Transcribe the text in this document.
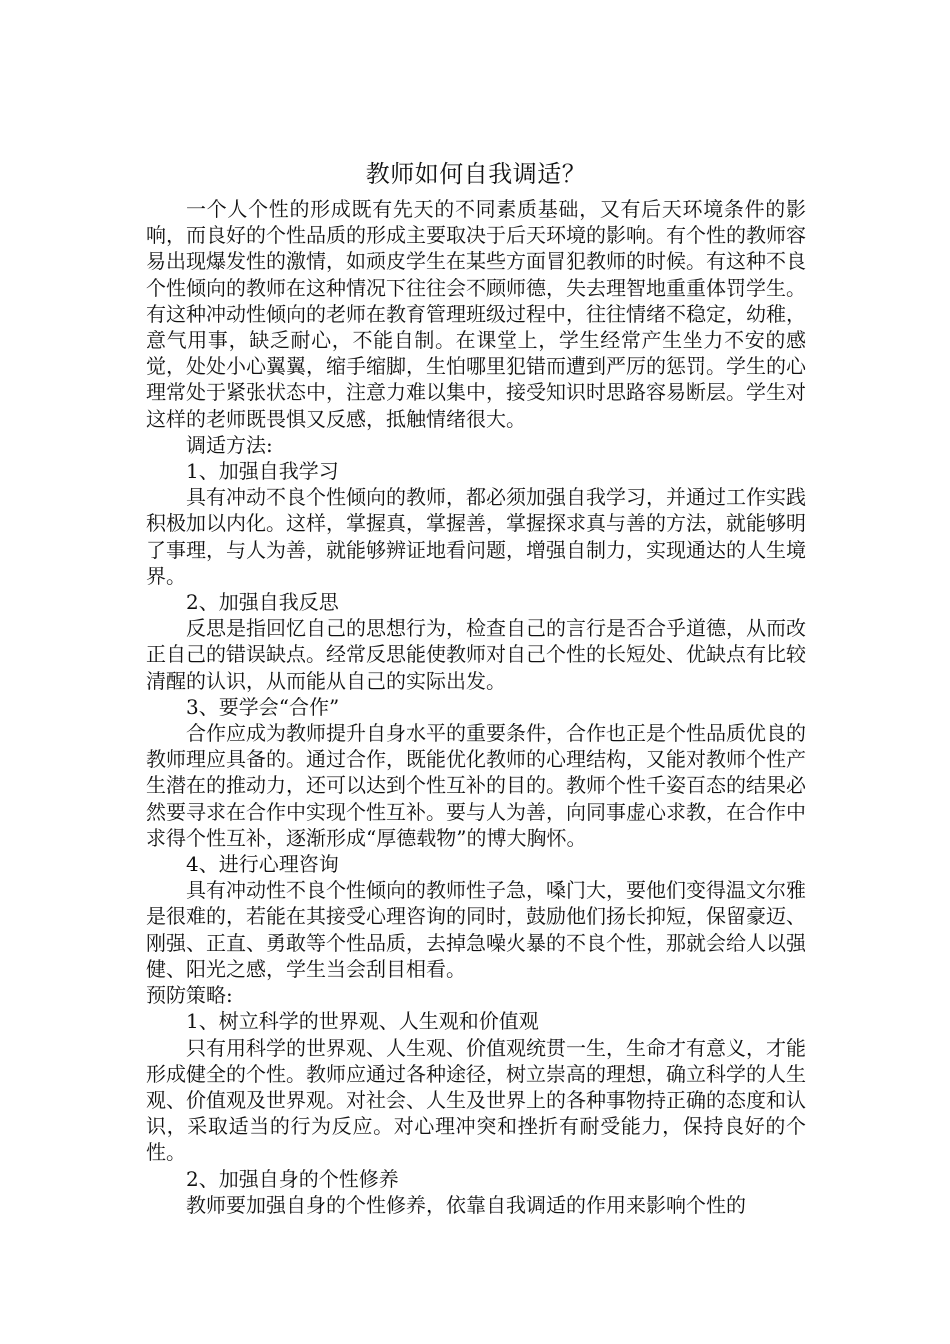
教师如何自我调适？

一个人个性的形成既有先天的不同素质基础，又有后天环境条件的影响，而良好的个性品质的形成主要取决于后天环境的影响。有个性的教师容易出现爆发性的激情，如顽皮学生在某些方面冒犯教师的时候。有这种不良个性倾向的教师在这种情况下往往会不顾师德，失去理智地重重体罚学生。有这种冲动性倾向的老师在教育管理班级过程中，往往情绪不稳定，幼稚，意气用事，缺乏耐心，不能自制。在课堂上，学生经常产生坐力不安的感觉，处处小心翼翼，缩手缩脚，生怕哪里犯错而遭到严厉的惩罚。学生的心理常处于紧张状态中，注意力难以集中，接受知识时思路容易断层。学生对这样的老师既畏惧又反感，抵触情绪很大。

调适方法:

1、加强自我学习

具有冲动不良个性倾向的教师，都必须加强自我学习，并通过工作实践积极加以内化。这样，掌握真，掌握善，掌握探求真与善的方法，就能够明了事理，与人为善，就能够辨证地看问题，增强自制力，实现通达的人生境界。

2、加强自我反思

反思是指回忆自己的思想行为，检查自己的言行是否合乎道德，从而改正自己的错误缺点。经常反思能使教师对自己个性的长短处、优缺点有比较清醒的认识，从而能从自己的实际出发。

3、要学会“合作”

合作应成为教师提升自身水平的重要条件，合作也正是个性品质优良的教师理应具备的。通过合作，既能优化教师的心理结构，又能对教师个性产生潜在的推动力，还可以达到个性互补的目的。教师个性千姿百态的结果必然要寻求在合作中实现个性互补。要与人为善，向同事虚心求教，在合作中求得个性互补，逐渐形成“厚德载物”的博大胸怀。

4、进行心理咨询

具有冲动性不良个性倾向的教师性子急，嗓门大，要他们变得温文尔雅是很难的，若能在其接受心理咨询的同时，鼓励他们扬长抑短，保留豪迈、刚强、正直、勇敢等个性品质，去掉急噪火暴的不良个性，那就会给人以强健、阳光之感，学生当会刮目相看。

预防策略:

1、树立科学的世界观、人生观和价值观

只有用科学的世界观、人生观、价值观统贯一生，生命才有意义，才能形成健全的个性。教师应通过各种途径，树立崇高的理想，确立科学的人生观、价值观及世界观。对社会、人生及世界上的各种事物持正确的态度和认识，采取适当的行为反应。对心理冲突和挫折有耐受能力，保持良好的个性。

2、加强自身的个性修养

教师要加强自身的个性修养，依靠自我调适的作用来影响个性的
